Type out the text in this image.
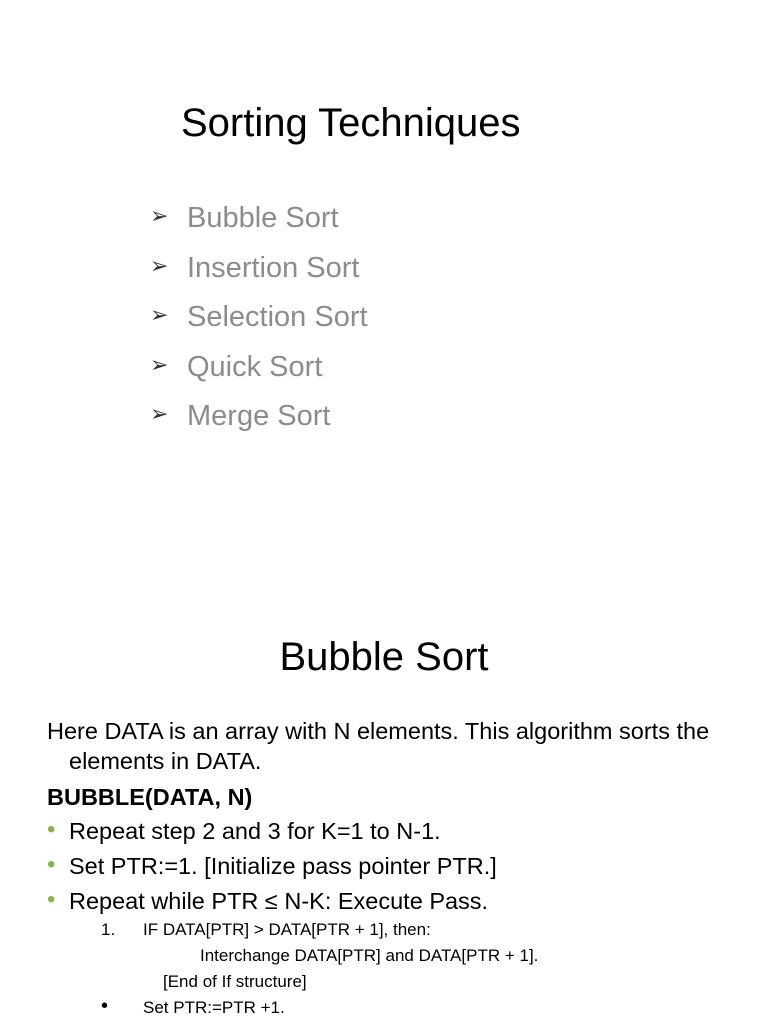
Sorting Techniques
➢ Bubble Sort
➢ Insertion Sort
➢ Selection Sort
➢ Quick Sort
➢ Merge Sort
Bubble Sort

Here DATA is an array with N elements. This algorithm sorts the elements in DATA.

BUBBLE(DATA, N)
• Repeat step 2 and 3 for K=1 to N-1.
• Set PTR:=1. [Initialize pass pointer PTR.]
• Repeat while PTR ≤ N-K: Execute Pass.
1. IF DATA[PTR] > DATA[PTR + 1], then:
Interchange DATA[PTR] and DATA[PTR + 1].
[End of If structure]
• Set PTR:=PTR +1.
